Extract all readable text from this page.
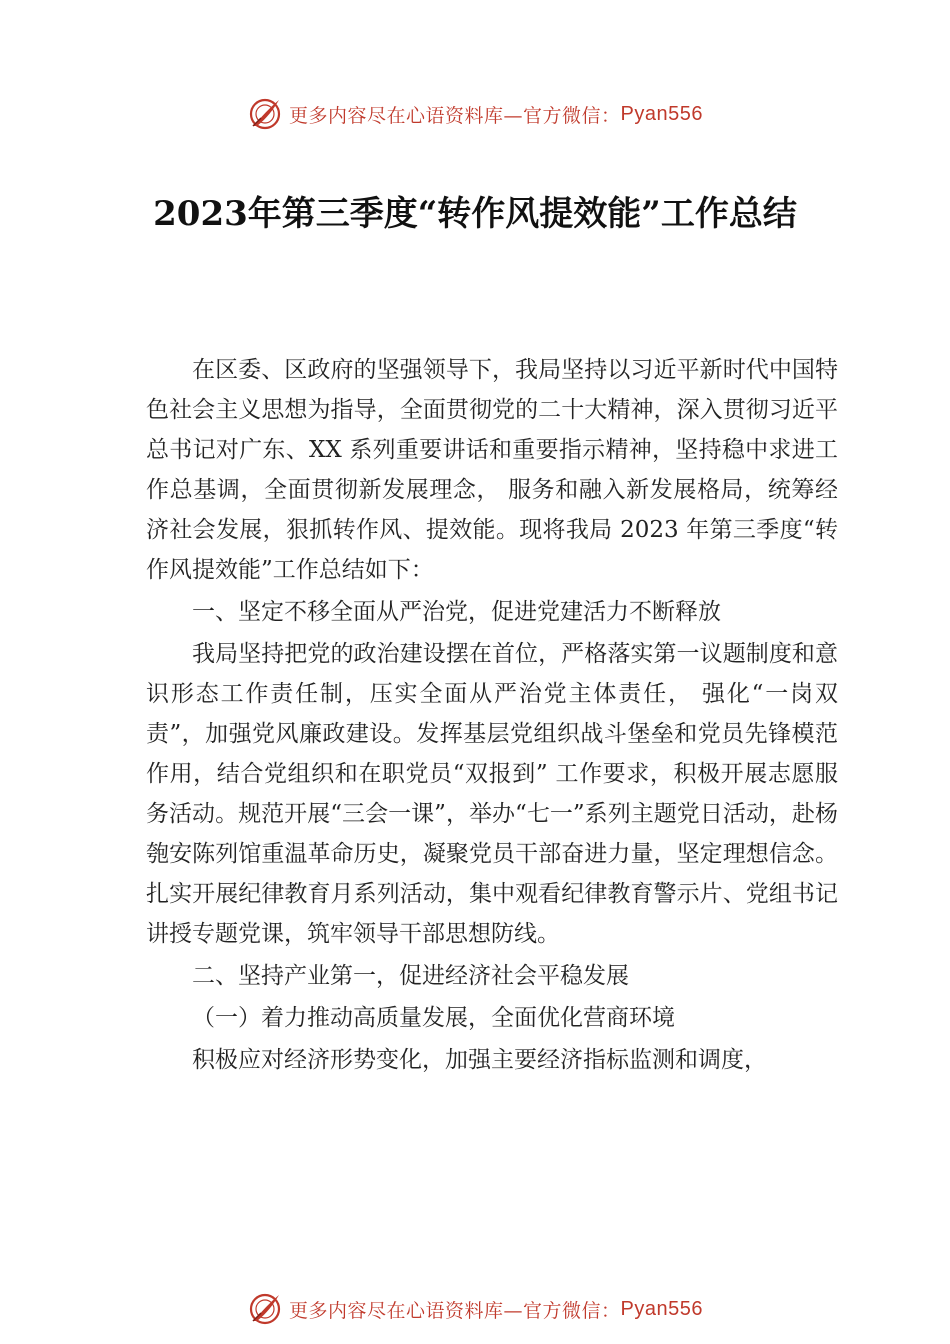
更多内容尽在心语资料库—官方微信： Pyan556
2023年第三季度“转作风提效能”工作总结

在区委、区政府的坚强领导下，我局坚持以习近平新时代中国特色社会主义思想为指导，全面贯彻党的二十大精神，深入贯彻习近平总书记对广东、XX 系列重要讲话和重要指示精神，坚持稳中求进工作总基调，全面贯彻新发展理念， 服务和融入新发展格局，统筹经济社会发展，狠抓转作风、提效能。现将我局 2023 年第三季度“转作风提效能”工作总结如下：

一、坚定不移全面从严治党，促进党建活力不断释放

我局坚持把党的政治建设摆在首位，严格落实第一议题制度和意识形态工作责任制，压实全面从严治党主体责任， 强化“一岗双责”，加强党风廉政建设。发挥基层党组织战斗堡垒和党员先锋模范作用，结合党组织和在职党员“双报到” 工作要求，积极开展志愿服务活动。规范开展“三会一课”，举办“七一”系列主题党日活动，赴杨匏安陈列馆重温革命历史，凝聚党员干部奋进力量，坚定理想信念。扎实开展纪律教育月系列活动，集中观看纪律教育警示片、党组书记讲授专题党课，筑牢领导干部思想防线。

二、坚持产业第一，促进经济社会平稳发展

（一）着力推动高质量发展，全面优化营商环境

积极应对经济形势变化，加强主要经济指标监测和调度，

更多内容尽在心语资料库—官方微信： Pyan556
